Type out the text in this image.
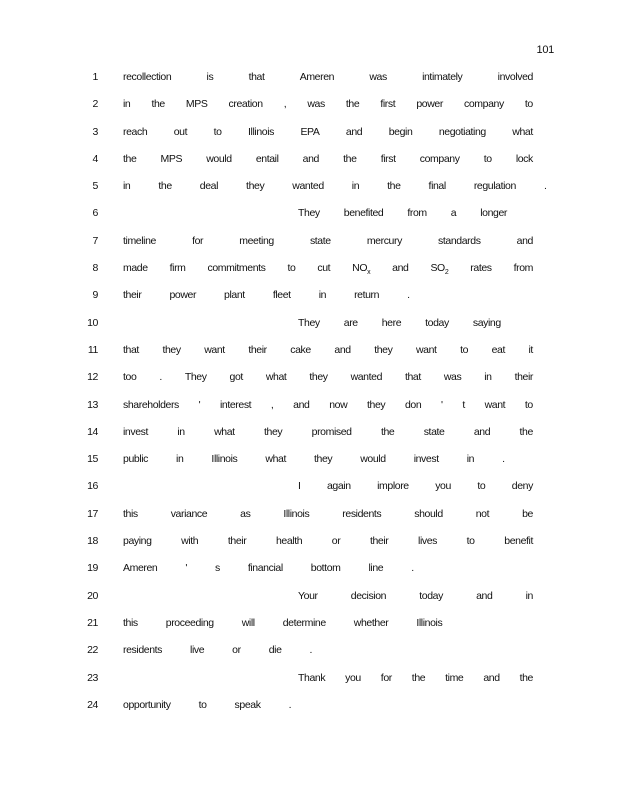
101
1 recollection	is	that	Ameren	was	intimately	involved
2 in the MPS creation , was the first power company to
3 reach	out	to	Illinois	EPA	and	begin	negotiating	what
4 the MPS would entail and the first company to lock
5 in	the	deal	they	wanted	in	the	final	regulation	.
6	They benefited from a longer
7 timeline	for	meeting	state	mercury	standards	and
8 made firm commitments to cut $NO_x$ and $SO_2$ rates from
9 their	power	plant	fleet	in	return	.
10	They are here today saying
11 that they want their cake and they want to eat it
12 too . They got what they wanted that was in their
13 shareholders ' interest , and now they don ' t want to
14 invest	in	what	they	promised	the	state	and	the
15 public	in	Illinois	what	they	would	invest	in	.
16	I	again	implore	you	to	deny
17 this	variance	as	Illinois	residents	should	not	be
18 paying	with	their	health	or	their	lives	to	benefit
19 Ameren	'	s	financial	bottom	line	.
20	Your	decision	today	and	in
21 this	proceeding	will	determine	whether	Illinois
22 residents	live	or	die	.
23	Thank you for the time and the
24 opportunity	to	speak	.
